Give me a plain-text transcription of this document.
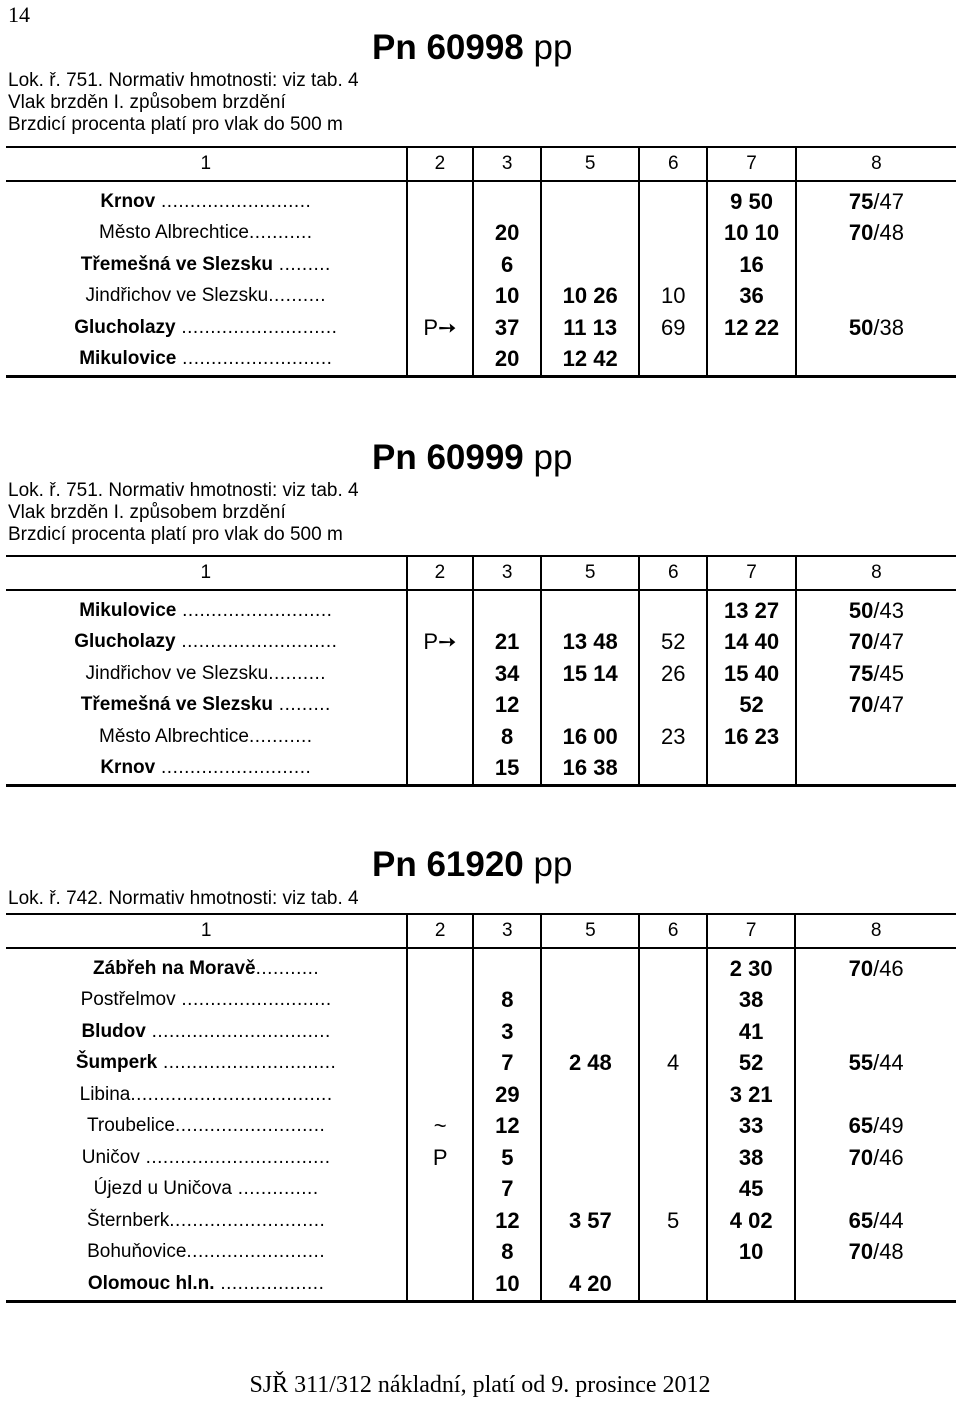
14
Pn 60998 pp
Lok. ř. 751. Normativ hmotnosti: viz tab. 4
Vlak brzděn I. způsobem brzdění
Brzdicí procenta platí pro vlak do 500 m
1	2	3	5	6	7	8
Krnov ..........................					9 50	75/47
Město Albrechtice...........		20			10 10	70/48
Třemešná ve Slezsku .........		6			16	
Jindřichov ve Slezsku..........		10	10 26	10	36	
Glucholazy ...........................	P➙	37	11 13	69	12 22	50/38
Mikulovice ..........................		20	12 42			
Pn 60999 pp
Lok. ř. 751. Normativ hmotnosti: viz tab. 4
Vlak brzděn I. způsobem brzdění
Brzdicí procenta platí pro vlak do 500 m
1	2	3	5	6	7	8
Mikulovice ..........................					13 27	50/43
Glucholazy ...........................	P➙	21	13 48	52	14 40	70/47
Jindřichov ve Slezsku..........		34	15 14	26	15 40	75/45
Třemešná ve Slezsku .........		12			52	70/47
Město Albrechtice...........		8	16 00	23	16 23	
Krnov ..........................		15	16 38			
Pn 61920 pp
Lok. ř. 742. Normativ hmotnosti: viz tab. 4
1	2	3	5	6	7	8
Zábřeh na Moravě...........					2 30	70/46
Postřelmov ..........................		8			38	
Bludov ...............................		3			41	
Šumperk ..............................		7	2 48	4	52	55/44
Libina...................................		29			3 21	
Troubelice..........................	~	12			33	65/49
Uničov ................................	P	5			38	70/46
Újezd u Uničova ..............		7			45	
Šternberk...........................		12	3 57	5	4 02	65/44
Bohuňovice........................		8			10	70/48
Olomouc hl.n. ..................		10	4 20			
SJŘ 311/312 nákladní, platí od 9. prosince 2012
